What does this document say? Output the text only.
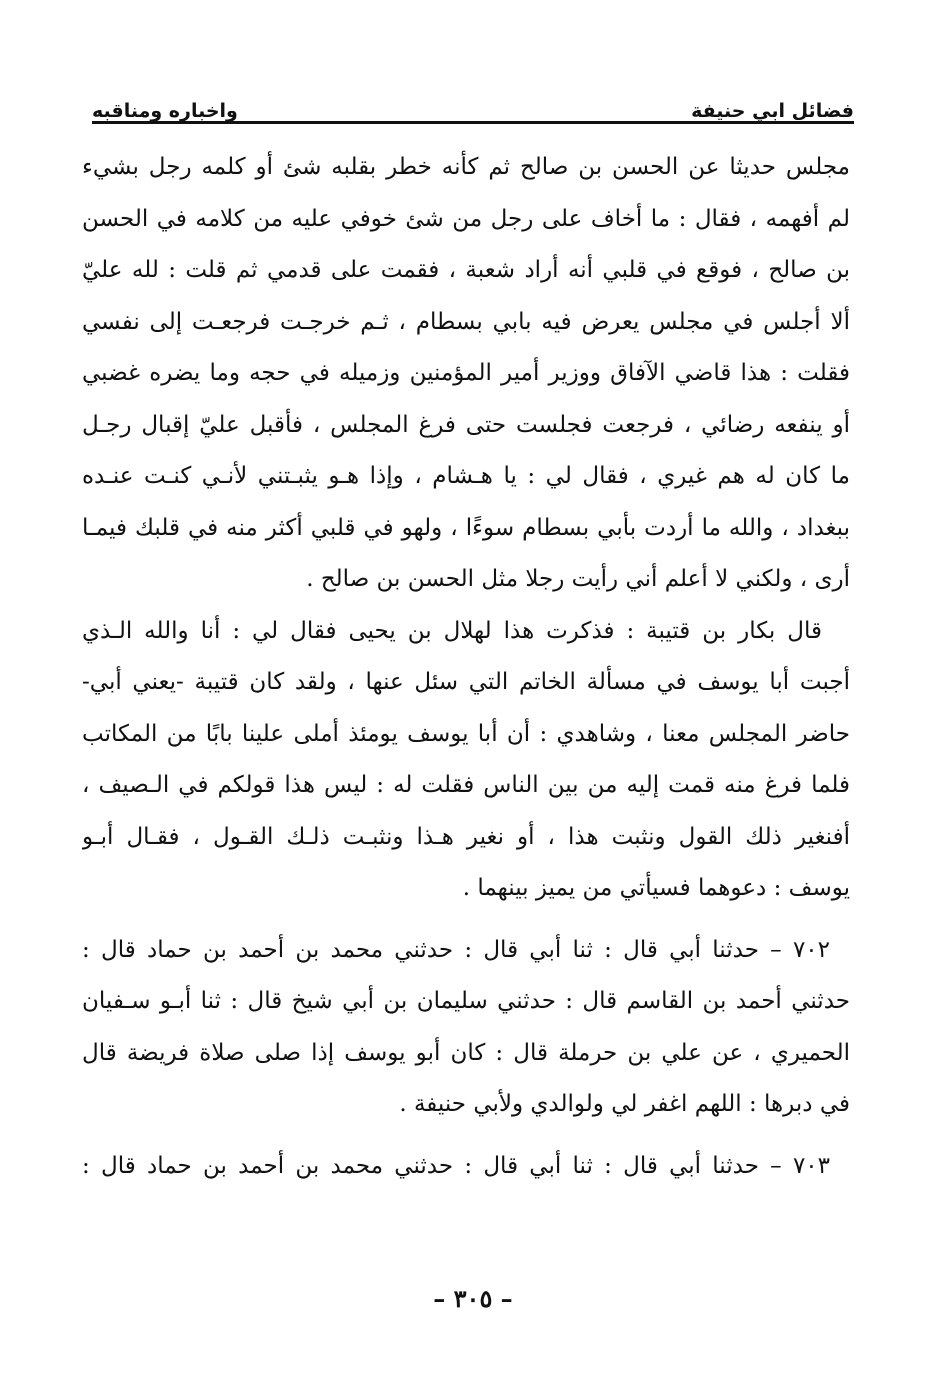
فضائل ابي حنيفة
واخباره ومناقبه

مجلس حديثا عن الحسن بن صالح ثم كأنه خطر بقلبه شئ أو كلمه رجل بشيء
لم أفهمه ، فقال : ما أخاف على رجل من شئ خوفي عليه من كلامه في الحسن
بن صالح ، فوقع في قلبي أنه أراد شعبة ، فقمت على قدمي ثم قلت : لله عليّ
ألا أجلس في مجلس يعرض فيه بابي بسطام ، ثـم خرجـت فرجعـت إلى نفسي
فقلت : هذا قاضي الآفاق ووزير أمير المؤمنين وزميله في حجه وما يضره غضبي
أو ينفعه رضائي ، فرجعت فجلست حتى فرغ المجلس ، فأقبل عليّ إقبال رجـل
ما كان له هم غيري ، فقال لي : يا هـشام ، وإذا هـو يثبـتني لأنـي كنـت عنـده
ببغداد ، والله ما أردت بأبي بسطام سوءًا ، ولهو في قلبي أكثر منه في قلبك فيمـا
أرى ، ولكني لا أعلم أني رأيت رجلا مثل الحسن بن صالح .

قال بكار بن قتيبة : فذكرت هذا لهلال بن يحيى فقال لي : أنا والله الـذي
أجبت أبا يوسف في مسألة الخاتم التي سئل عنها ، ولقد كان قتيبة -يعني أبي-
حاضر المجلس معنا ، وشاهدي : أن أبا يوسف يومئذ أملى علينا بابًا من المكاتب
فلما فرغ منه قمت إليه من بين الناس فقلت له : ليس هذا قولكم في الـصيف ،
أفنغير ذلك القول ونثبت هذا ، أو نغير هـذا ونثبـت ذلـك القـول ، فقـال أبـو
يوسف : دعوهما فسيأتي من يميز بينهما .

٧٠٢ – حدثنا أبي قال : ثنا أبي قال : حدثني محمد بن أحمد بن حماد قال :
حدثني أحمد بن القاسم قال : حدثني سليمان بن أبي شيخ قال : ثنا أبـو سـفيان
الحميري ، عن علي بن حرملة قال : كان أبو يوسف إذا صلى صلاة فريضة قال
في دبرها : اللهم اغفر لي ولوالدي ولأبي حنيفة .

٧٠٣ – حدثنا أبي قال : ثنا أبي قال : حدثني محمد بن أحمد بن حماد قال :

– ٣٠٥ –
